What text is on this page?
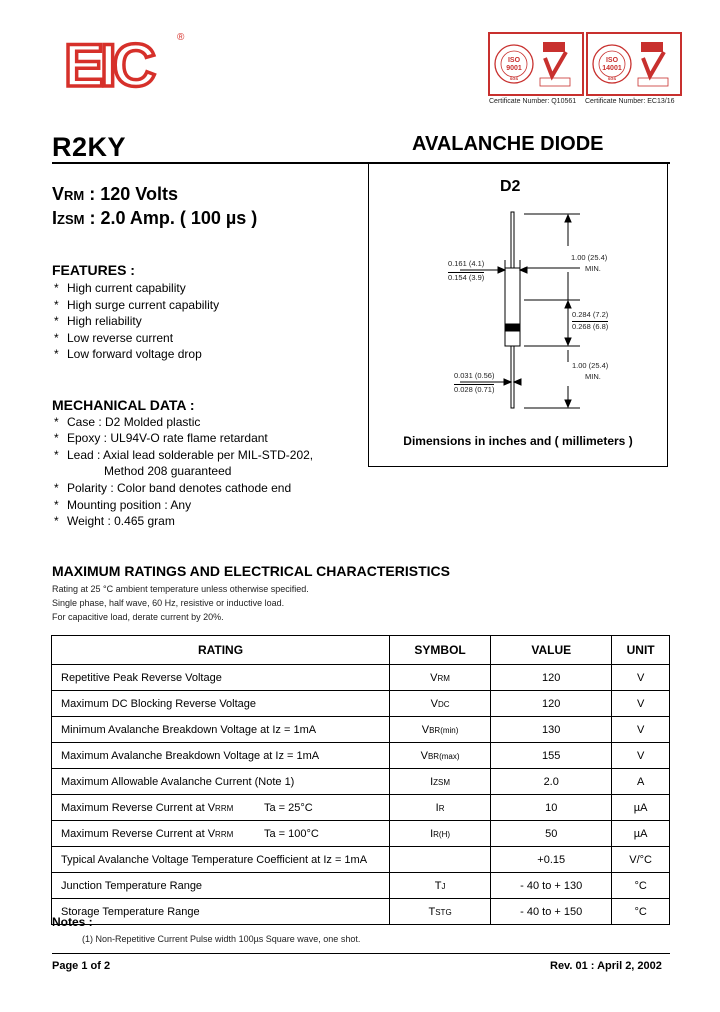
EIC ®
ISO
9001
SGS
ISO
14001
SGS
Certificate Number: Q10561 Certificate Number: EC13/16
R2KY	AVALANCHE DIODE
VRM : 120 Volts
IZSM : 2.0 Amp. ( 100 µs )
FEATURES :
* High current capability
* High surge current capability
* High reliability
* Low reverse current
* Low forward voltage drop
MECHANICAL DATA :
* Case : D2 Molded plastic
* Epoxy : UL94V-O rate flame retardant
* Lead : Axial lead solderable per MIL-STD-202,
Method 208 guaranteed
* Polarity : Color band denotes cathode end
* Mounting position : Any
* Weight : 0.465 gram
D2
1.00 (25.4)
MIN.
0.161 (4.1)
0.154 (3.9)
0.284 (7.2)
0.268 (6.8)
1.00 (25.4)
MIN.
0.031 (0.56)
0.028 (0.71)
Dimensions in inches and ( millimeters )
MAXIMUM RATINGS AND ELECTRICAL CHARACTERISTICS
Rating at 25 °C ambient temperature unless otherwise specified.
Single phase, half wave, 60 Hz, resistive or inductive load.
For capacitive load, derate current by 20%.
RATING	SYMBOL	VALUE	UNIT
Repetitive Peak Reverse Voltage	VRM	120	V
Maximum DC Blocking Reverse Voltage	VDC	120	V
Minimum Avalanche Breakdown Voltage at Iz = 1mA	VBR(min)	130	V
Maximum Avalanche Breakdown Voltage at Iz = 1mA	VBR(max)	155	V
Maximum Allowable Avalanche Current (Note 1)	IZSM	2.0	A
Maximum Reverse Current at VRRM Ta = 25°C	IR	10	µA
Maximum Reverse Current at VRRM Ta = 100°C	IR(H)	50	µA
Typical Avalanche Voltage Temperature Coefficient at Iz = 1mA		+0.15	V/°C
Junction Temperature Range	TJ	- 40 to + 130	°C
Storage Temperature Range	TSTG	- 40 to + 150	°C
Notes :
(1) Non-Repetitive Current Pulse width 100µs Square wave, one shot.
Page 1 of 2	Rev. 01 : April 2, 2002
